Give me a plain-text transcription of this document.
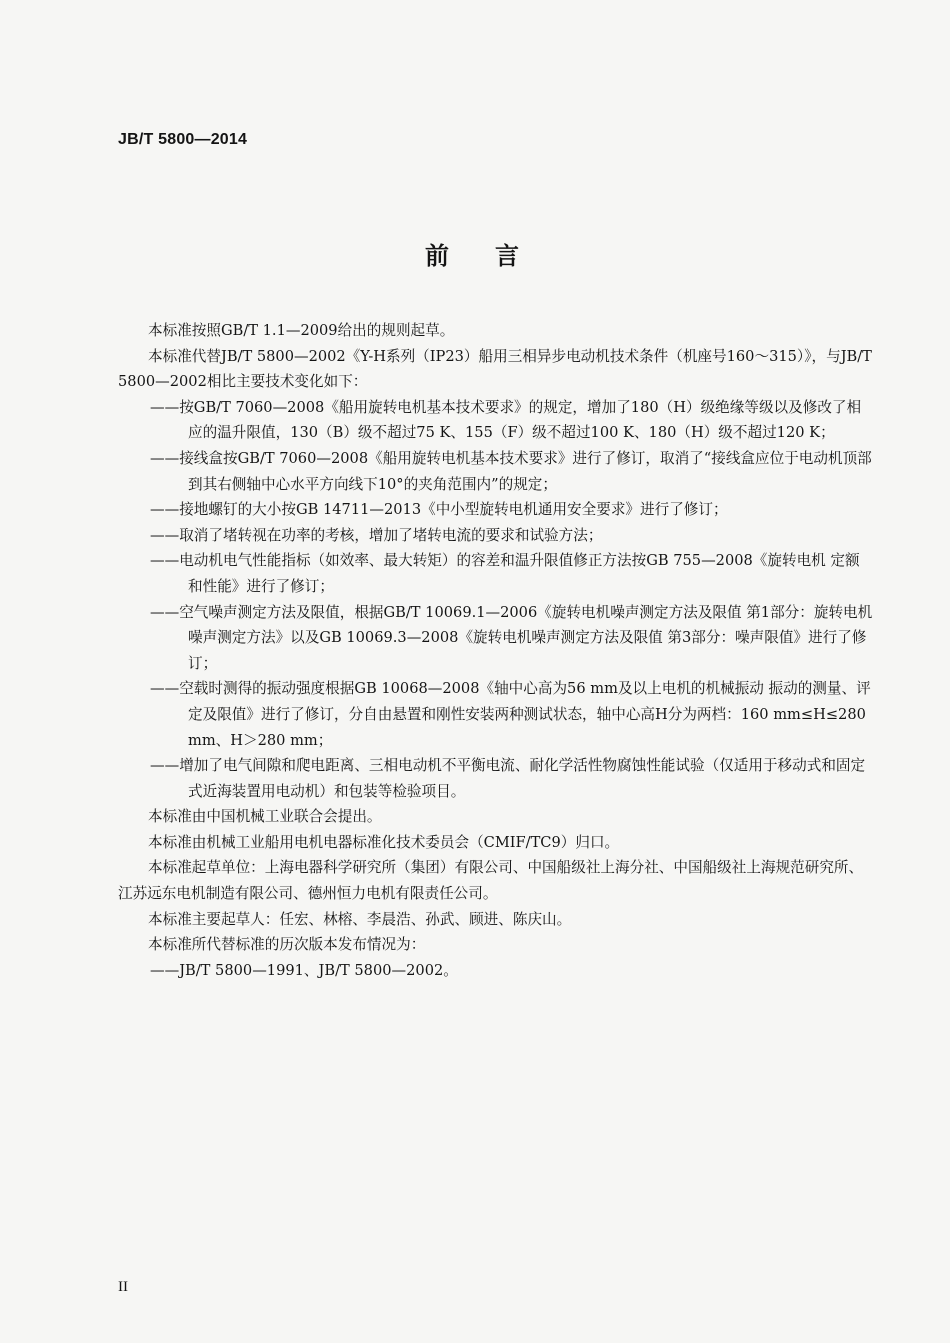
JB/T 5800—2014
前言

本标准按照GB/T 1.1—2009给出的规则起草。

本标准代替JB/T 5800—2002《Y-H系列（IP23）船用三相异步电动机技术条件（机座号160～315）》，与JB/T 5800—2002相比主要技术变化如下：

——按GB/T 7060—2008《船用旋转电机基本技术要求》的规定，增加了180（H）级绝缘等级以及修改了相应的温升限值，130（B）级不超过75 K、155（F）级不超过100 K、180（H）级不超过120 K；

——接线盒按GB/T 7060—2008《船用旋转电机基本技术要求》进行了修订，取消了“接线盒应位于电动机顶部到其右侧轴中心水平方向线下10°的夹角范围内”的规定；

——接地螺钉的大小按GB 14711—2013《中小型旋转电机通用安全要求》进行了修订；

——取消了堵转视在功率的考核，增加了堵转电流的要求和试验方法；

——电动机电气性能指标（如效率、最大转矩）的容差和温升限值修正方法按GB 755—2008《旋转电机 定额和性能》进行了修订；

——空气噪声测定方法及限值，根据GB/T 10069.1—2006《旋转电机噪声测定方法及限值 第1部分：旋转电机噪声测定方法》以及GB 10069.3—2008《旋转电机噪声测定方法及限值 第3部分：噪声限值》进行了修订；

——空载时测得的振动强度根据GB 10068—2008《轴中心高为56 mm及以上电机的机械振动 振动的测量、评定及限值》进行了修订，分自由悬置和刚性安装两种测试状态，轴中心高H分为两档：160 mm≤H≤280 mm、H＞280 mm；

——增加了电气间隙和爬电距离、三相电动机不平衡电流、耐化学活性物腐蚀性能试验（仅适用于移动式和固定式近海装置用电动机）和包装等检验项目。

本标准由中国机械工业联合会提出。

本标准由机械工业船用电机电器标准化技术委员会（CMIF/TC9）归口。

本标准起草单位：上海电器科学研究所（集团）有限公司、中国船级社上海分社、中国船级社上海规范研究所、江苏远东电机制造有限公司、德州恒力电机有限责任公司。

本标准主要起草人：任宏、林榕、李晨浩、孙武、顾进、陈庆山。

本标准所代替标准的历次版本发布情况为：

——JB/T 5800—1991、JB/T 5800—2002。

II
